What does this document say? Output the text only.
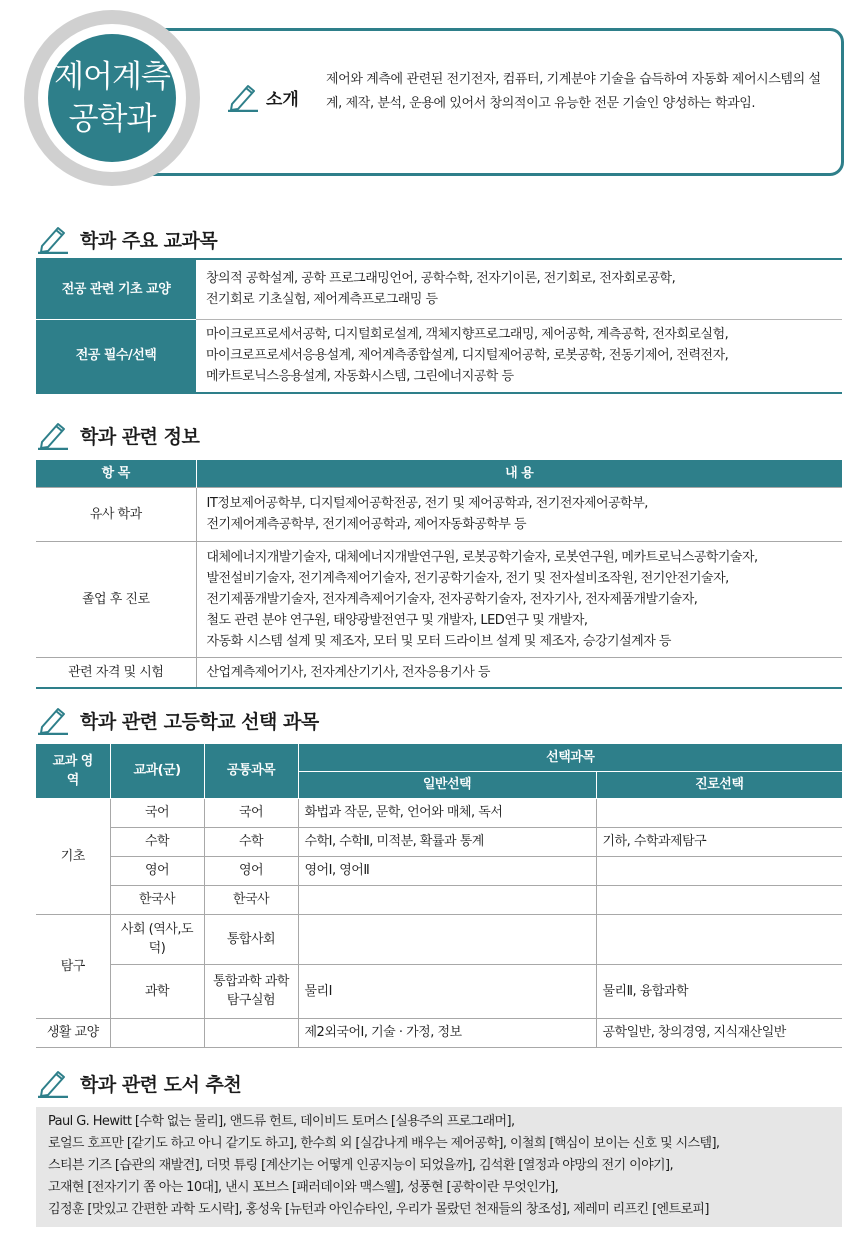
제어계측
공학과
소개
제어와 계측에 관련된 전기전자, 컴퓨터, 기계분야 기술을 습득하여 자동화 제어시스템의 설계, 제작, 분석, 운용에 있어서 창의적이고 유능한 전문 기술인 양성하는 학과임.
학과 주요 교과목
전공 관련 기초 교양	창의적 공학설계, 공학 프로그래밍언어, 공학수학, 전자기이론, 전기회로, 전자회로공학,
전기회로 기초실험, 제어계측프로그래밍 등

전공 필수/선택	마이크로프로세서공학, 디지털회로설계, 객체지향프로그래밍, 제어공학, 계측공학, 전자회로실험,
마이크로프로세서응용설계, 제어계측종합설계, 디지털제어공학, 로봇공학, 전동기제어, 전력전자,
메카트로닉스응용설계, 자동화시스템, 그린에너지공학 등
학과 관련 정보
항 목	내 용
유사 학과	IT정보제어공학부, 디지털제어공학전공, 전기 및 제어공학과, 전기전자제어공학부,
전기제어계측공학부, 전기제어공학과, 제어자동화공학부 등

졸업 후 진로	대체에너지개발기술자, 대체에너지개발연구원, 로봇공학기술자, 로봇연구원, 메카트로닉스공학기술자,
발전설비기술자, 전기계측제어기술자, 전기공학기술자, 전기 및 전자설비조작원, 전기안전기술자,
전기제품개발기술자, 전자계측제어기술자, 전자공학기술자, 전자기사, 전자제품개발기술자,
철도 관련 분야 연구원, 태양광발전연구 및 개발자, LED연구 및 개발자,
자동화 시스템 설계 및 제조자, 모터 및 모터 드라이브 설계 및 제조자, 승강기설계자 등

관련 자격 및 시험	산업계측제어기사, 전자계산기기사, 전자응용기사 등
학과 관련 고등학교 선택 과목
교과 영역	교과(군)	공통과목	선택과목	
			일반선택	진로선택
기초	국어	국어	화법과 작문, 문학, 언어와 매체, 독서	
	수학	수학	수학Ⅰ, 수학Ⅱ, 미적분, 확률과 통계	기하, 수학과제탐구
	영어	영어	영어Ⅰ, 영어Ⅱ	
	한국사	한국사		
탐구	사회 (역사,도덕)	통합사회		
	과학	통합과학 과학탐구실험	물리Ⅰ	물리Ⅱ, 융합과학
생활 교양			제2외국어Ⅰ, 기술 · 가정, 정보	공학일반, 창의경영, 지식재산일반
학과 관련 도서 추천
Paul G. Hewitt [수학 없는 물리], 앤드류 헌트, 데이비드 토머스 [실용주의 프로그래머],
로얼드 호프만 [같기도 하고 아니 같기도 하고], 한수희 외 [실감나게 배우는 제어공학], 이철희 [핵심이 보이는 신호 및 시스템],
스티븐 기즈 [습관의 재발견], 더멋 튜링 [계산기는 어떻게 인공지능이 되었을까], 김석환 [열정과 야망의 전기 이야기],
고재현 [전자기기 쫌 아는 10대], 낸시 포브스 [패러데이와 맥스웰], 성풍현 [공학이란 무엇인가],
김정훈 [맛있고 간편한 과학 도시락], 홍성욱 [뉴턴과 아인슈타인, 우리가 몰랐던 천재들의 창조성], 제레미 리프킨 [엔트로피]
